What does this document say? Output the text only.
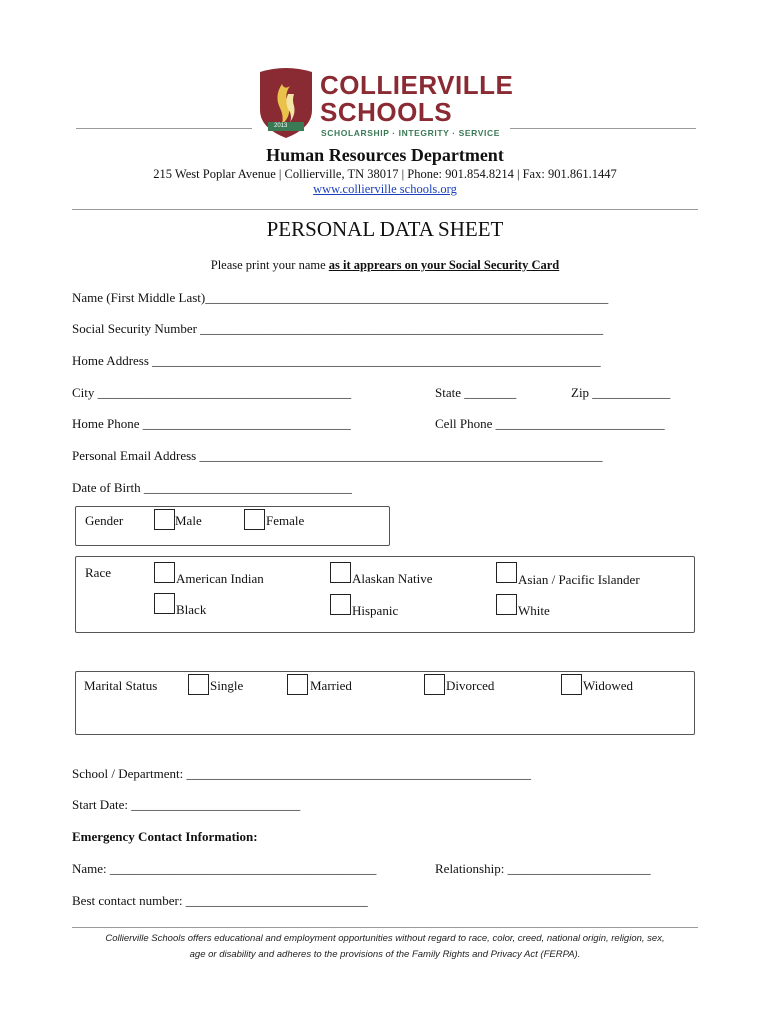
2013
COLLIERVILLE
SCHOOLS
SCHOLARSHIP · INTEGRITY · SERVICE
Human Resources Department
215 West Poplar Avenue | Collierville, TN 38017 | Phone: 901.854.8214 | Fax: 901.861.1447
www.collierville schools.org
PERSONAL DATA SHEET
Please print your name as it apprears on your Social Security Card
Name (First Middle Last)______________________________________________________________
Social Security Number ______________________________________________________________
Home Address _____________________________________________________________________
City _______________________________________	State ________	Zip ____________
Home Phone ________________________________	Cell Phone __________________________
Personal Email Address ______________________________________________________________
Date of Birth ________________________________
Gender	Male	Female
Race	American Indian	Alaskan Native	Asian / Pacific Islander
Black	Hispanic	White
Marital Status	Single	Married	Divorced	Widowed
School / Department: _____________________________________________________
Start Date: __________________________
Emergency Contact Information:
Name: _________________________________________	Relationship: ______________________
Best contact number: ____________________________
Collierville Schools offers educational and employment opportunities without regard to race, color, creed, national origin, religion, sex,
age or disability and adheres to the provisions of the Family Rights and Privacy Act (FERPA).
